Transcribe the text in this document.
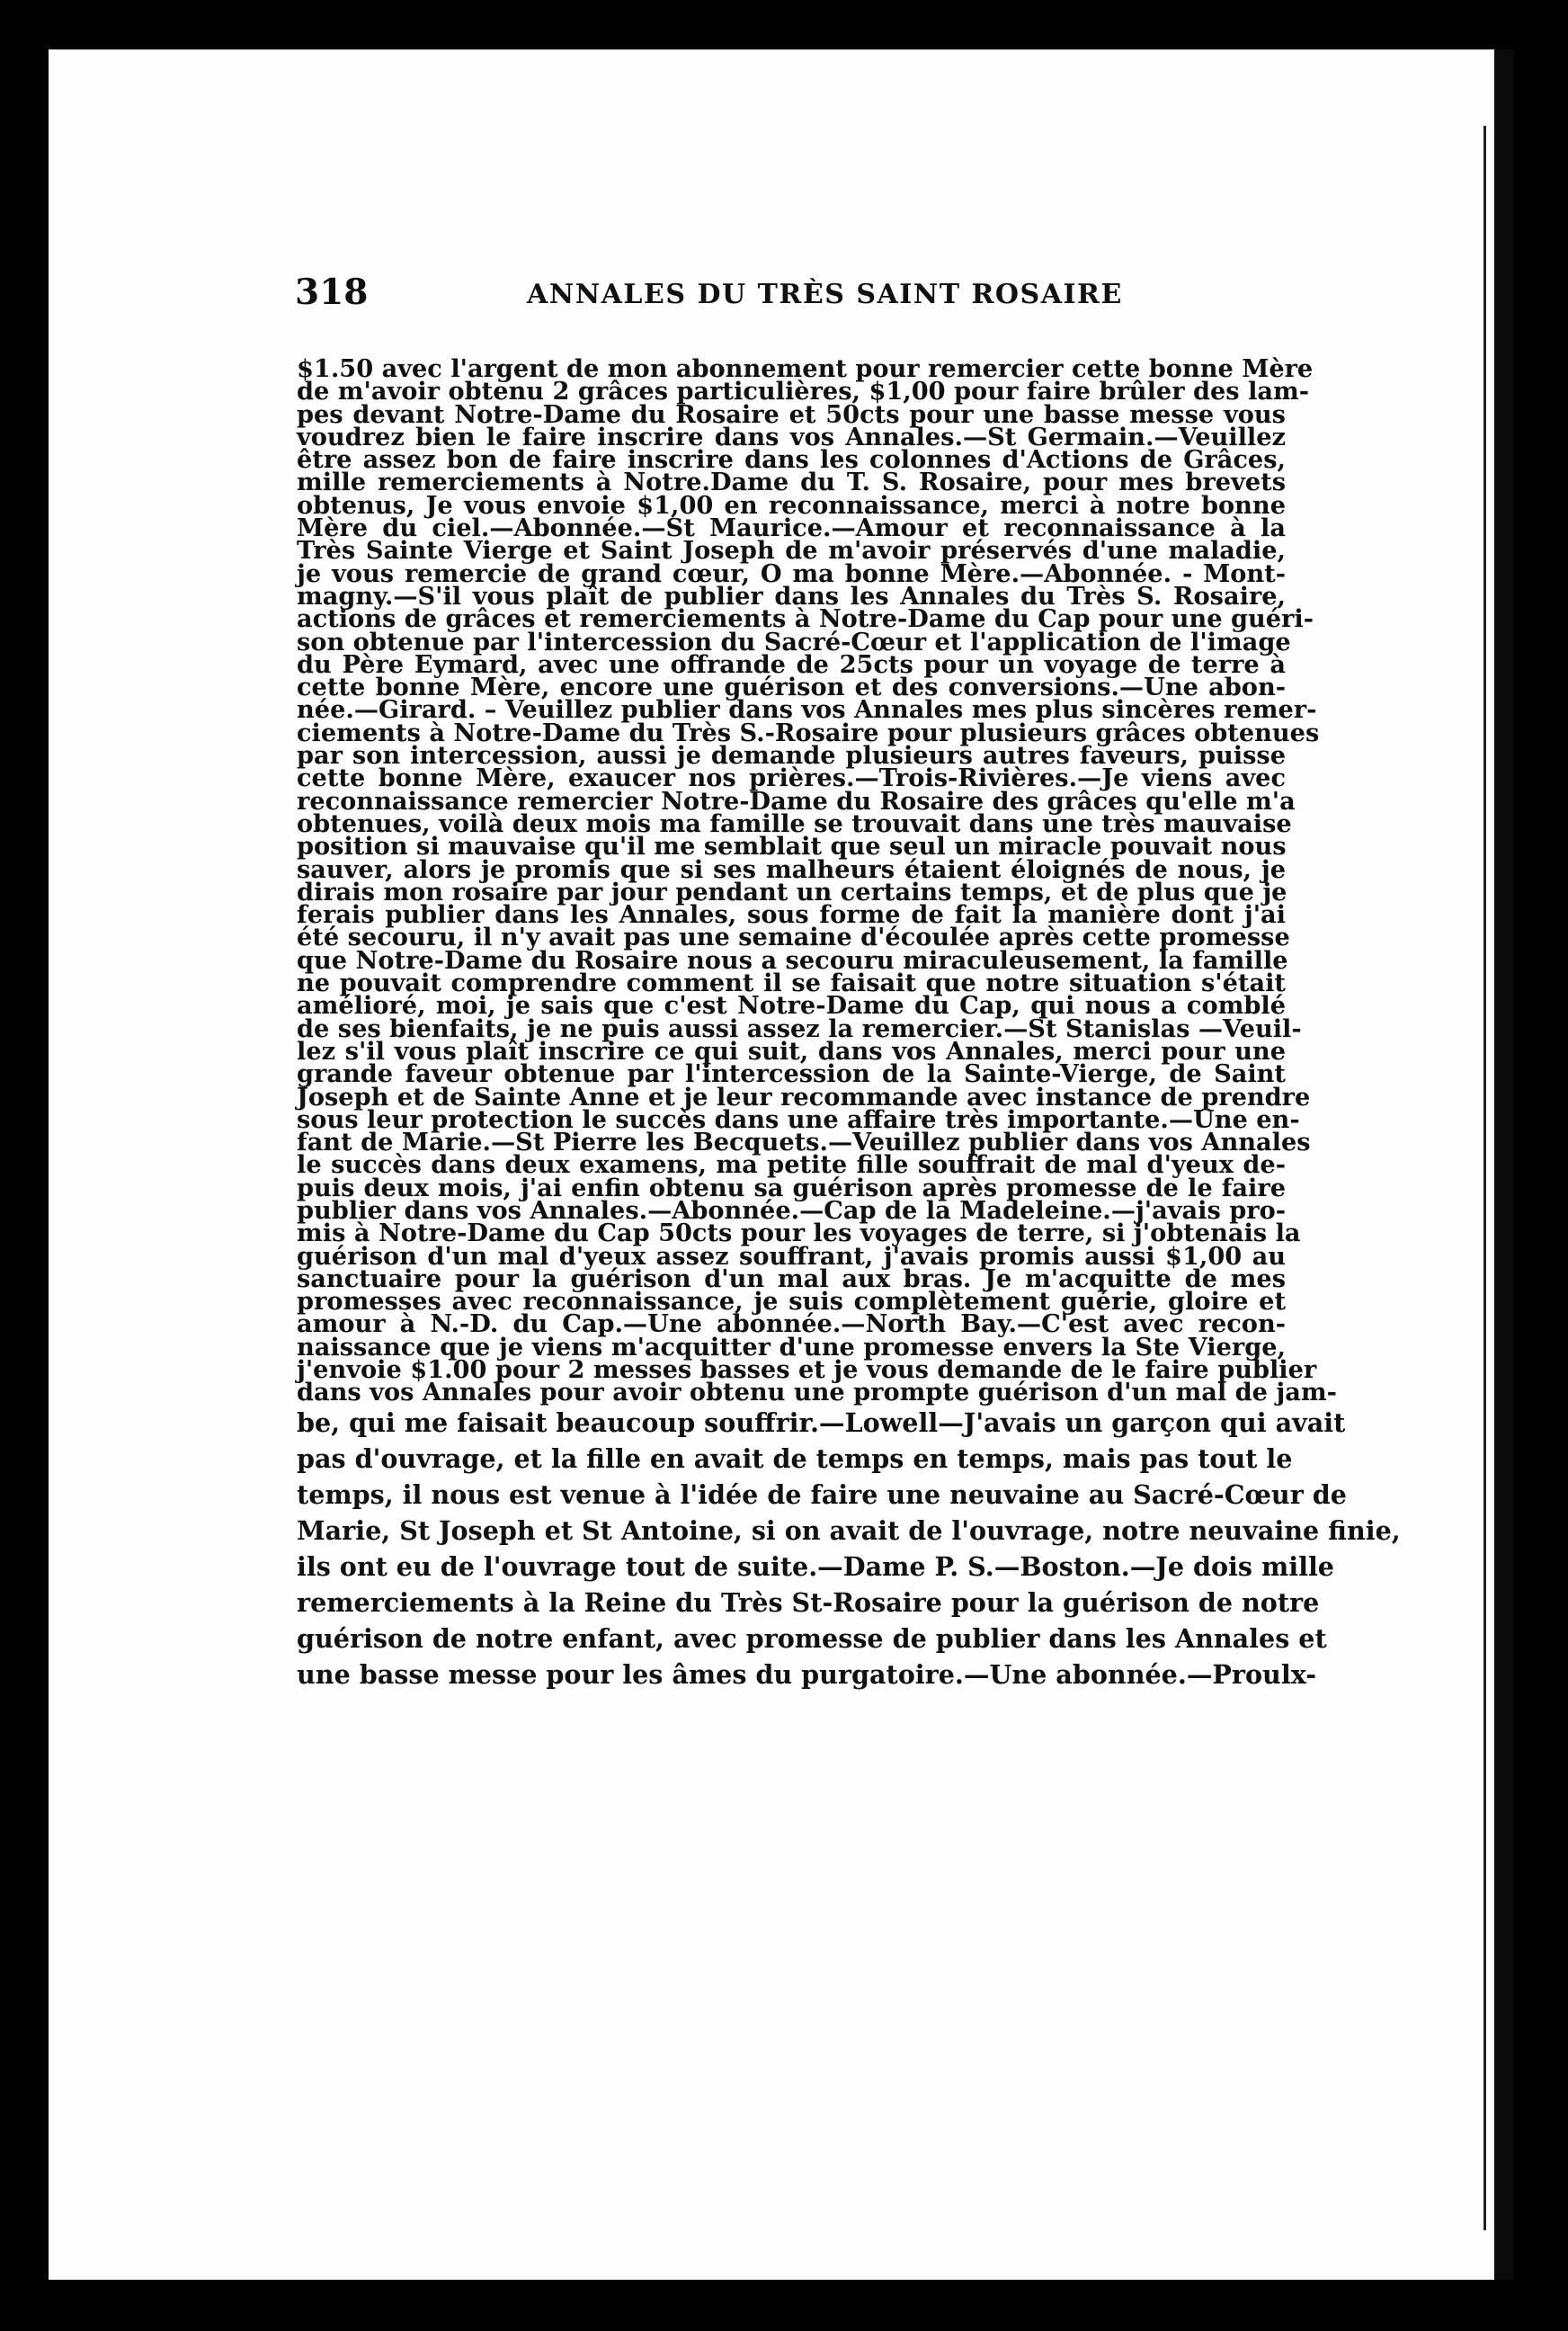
318	ANNALES DU TRÈS SAINT ROSAIRE
$1.50 avec l'argent de mon abonnement pour remercier cette bonne Mère
de m'avoir obtenu 2 grâces particulières, $1,00 pour faire brûler des lam-
pes devant Notre-Dame du Rosaire et 50cts pour une basse messe vous
voudrez bien le faire inscrire dans vos Annales.—St Germain.—Veuillez
être assez bon de faire inscrire dans les colonnes d'Actions de Grâces,
mille remerciements à Notre.Dame du T. S. Rosaire, pour mes brevets
obtenus, Je vous envoie $1,00 en reconnaissance, merci à notre bonne
Mère du ciel.—Abonnée.—St Maurice.—Amour et reconnaissance à la
Très Sainte Vierge et Saint Joseph de m'avoir préservés d'une maladie,
je vous remercie de grand cœur, O ma bonne Mère.—Abonnée. - Mont-
magny.—S'il vous plaît de publier dans les Annales du Très S. Rosaire,
actions de grâces et remerciements à Notre-Dame du Cap pour une guéri-
son obtenue par l'intercession du Sacré-Cœur et l'application de l'image
du Père Eymard, avec une offrande de 25cts pour un voyage de terre à
cette bonne Mère, encore une guérison et des conversions.—Une abon-
née.—Girard. – Veuillez publier dans vos Annales mes plus sincères remer-
ciements à Notre-Dame du Très S.-Rosaire pour plusieurs grâces obtenues
par son intercession, aussi je demande plusieurs autres faveurs, puisse
cette bonne Mère, exaucer nos prières.—Trois-Rivières.—Je viens avec
reconnaissance remercier Notre-Dame du Rosaire des grâces qu'elle m'a
obtenues, voilà deux mois ma famille se trouvait dans une très mauvaise
position si mauvaise qu'il me semblait que seul un miracle pouvait nous
sauver, alors je promis que si ses malheurs étaient éloignés de nous, je
dirais mon rosaire par jour pendant un certains temps, et de plus que je
ferais publier dans les Annales, sous forme de fait la manière dont j'ai
été secouru, il n'y avait pas une semaine d'écoulée après cette promesse
que Notre-Dame du Rosaire nous a secouru miraculeusement, la famille
ne pouvait comprendre comment il se faisait que notre situation s'était
amélioré, moi, je sais que c'est Notre-Dame du Cap, qui nous a comblé
de ses bienfaits, je ne puis aussi assez la remercier.—St Stanislas —Veuil-
lez s'il vous plaît inscrire ce qui suit, dans vos Annales, merci pour une
grande faveur obtenue par l'intercession de la Sainte-Vierge, de Saint
Joseph et de Sainte Anne et je leur recommande avec instance de prendre
sous leur protection le succès dans une affaire très importante.—Une en-
fant de Marie.—St Pierre les Becquets.—Veuillez publier dans vos Annales
le succès dans deux examens, ma petite fille souffrait de mal d'yeux de-
puis deux mois, j'ai enfin obtenu sa guérison après promesse de le faire
publier dans vos Annales.—Abonnée.—Cap de la Madeleine.—j'avais pro-
mis à Notre-Dame du Cap 50cts pour les voyages de terre, si j'obtenais la
guérison d'un mal d'yeux assez souffrant, j'avais promis aussi $1,00 au
sanctuaire pour la guérison d'un mal aux bras. Je m'acquitte de mes
promesses avec reconnaissance, je suis complètement guérie, gloire et
amour à N.-D. du Cap.—Une abonnée.—North Bay.—C'est avec recon-
naissance que je viens m'acquitter d'une promesse envers la Ste Vierge,
j'envoie $1.00 pour 2 messes basses et je vous demande de le faire publier
dans vos Annales pour avoir obtenu une prompte guérison d'un mal de jam-
be, qui me faisait beaucoup souffrir.—Lowell—J'avais un garçon qui avait
pas d'ouvrage, et la fille en avait de temps en temps, mais pas tout le
temps, il nous est venue à l'idée de faire une neuvaine au Sacré-Cœur de
Marie, St Joseph et St Antoine, si on avait de l'ouvrage, notre neuvaine finie,
ils ont eu de l'ouvrage tout de suite.—Dame P. S.—Boston.—Je dois mille
remerciements à la Reine du Très St-Rosaire pour la guérison de notre
guérison de notre enfant, avec promesse de publier dans les Annales et
une basse messe pour les âmes du purgatoire.—Une abonnée.—Proulx-
